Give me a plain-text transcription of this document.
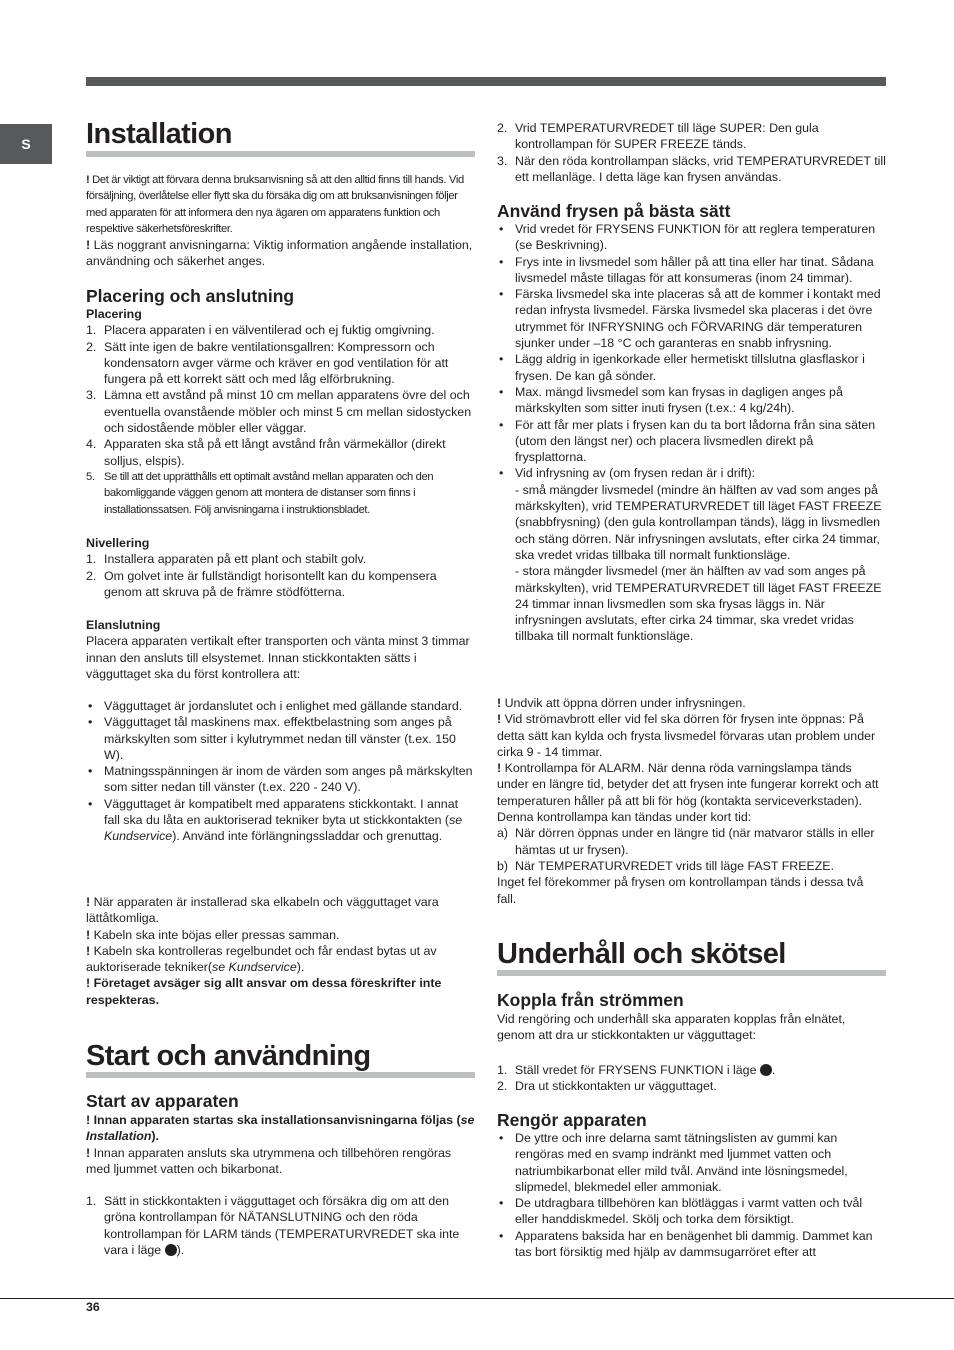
S Installation

! Det är viktigt att förvara denna bruksanvisning så att den alltid finns till hands. Vid försäljning, överlåtelse eller flytt ska du försäka dig om att bruksanvisningen följer med apparaten för att informera den nya ägaren om apparatens funktion och respektive säkerhetsföreskrifter.

! Läs noggrant anvisningarna: Viktig information angående installation, användning och säkerhet anges.

Placering och anslutning

Placering

1. Placera apparaten i en välventilerad och ej fuktig omgivning.
2. Sätt inte igen de bakre ventilationsgallren: Kompressorn och kondensatorn avger värme och kräver en god ventilation för att fungera på ett korrekt sätt och med låg elförbrukning.
3. Lämna ett avstånd på minst 10 cm mellan apparatens övre del och eventuella ovanstående möbler och minst 5 cm mellan sidostycken och sidostående möbler eller väggar.
4. Apparaten ska stå på ett långt avstånd från värmekällor (direkt solljus, elspis).
5. Se till att det upprätthålls ett optimalt avstånd mellan apparaten och den bakomliggande väggen genom att montera de distanser som finns i installationssatsen. Följ anvisningarna i instruktionsbladet.

Nivellering

1. Installera apparaten på ett plant och stabilt golv.
2. Om golvet inte är fullständigt horisontellt kan du kompensera genom att skruva på de främre stödfötterna.

Elanslutning

Placera apparaten vertikalt efter transporten och vänta minst 3 timmar innan den ansluts till elsystemet. Innan stickkontakten sätts i vägguttaget ska du först kontrollera att:

• Vägguttaget är jordanslutet och i enlighet med gällande standard.
• Vägguttaget tål maskinens max. effektbelastning som anges på märkskylten som sitter i kylutrymmet nedan till vänster (t.ex. 150 W).
• Matningsspänningen är inom de värden som anges på märkskylten som sitter nedan till vänster (t.ex. 220 - 240 V).
• Vägguttaget är kompatibelt med apparatens stickkontakt. I annat fall ska du låta en auktoriserad tekniker byta ut stickkontakten (se Kundservice). Använd inte förlängningssladdar och grenuttag.

! När apparaten är installerad ska elkabeln och vägguttaget vara lättåtkomliga.

! Kabeln ska inte böjas eller pressas samman.

! Kabeln ska kontrolleras regelbundet och får endast bytas ut av auktoriserade tekniker(se Kundservice).

! Företaget avsäger sig allt ansvar om dessa föreskrifter inte respekteras.

Start och användning
Start av apparaten

! Innan apparaten startas ska installationsanvisningarna följas (se Installation).

! Innan apparaten ansluts ska utrymmena och tillbehören rengöras med ljummet vatten och bikarbonat.

1. Sätt in stickkontakten i vägguttaget och försäkra dig om att den gröna kontrollampan för NÄTANSLUTNING och den röda kontrollampan för LARM tänds (TEMPERATURVREDET ska inte vara i läge ).
2. Vrid TEMPERATURVREDET till läge SUPER: Den gula kontrollampan för SUPER FREEZE tänds.
3. När den röda kontrollampan släcks, vrid TEMPERATURVREDET till ett mellanläge. I detta läge kan frysen användas.
Använd frysen på bästa sätt
• Vrid vredet för FRYSENS FUNKTION för att reglera temperaturen (se Beskrivning).
• Frys inte in livsmedel som håller på att tina eller har tinat. Sådana livsmedel måste tillagas för att konsumeras (inom 24 timmar).
• Färska livsmedel ska inte placeras så att de kommer i kontakt med redan infrysta livsmedel. Färska livsmedel ska placeras i det övre utrymmet för INFRYSNING och FÖRVARING där temperaturen sjunker under –18 °C och garanteras en snabb infrysning.
• Lägg aldrig in igenkorkade eller hermetiskt tillslutna glasflaskor i frysen. De kan gå sönder.
• Max. mängd livsmedel som kan frysas in dagligen anges på märkskylten som sitter inuti frysen (t.ex.: 4 kg/24h).
• För att får mer plats i frysen kan du ta bort lådorna från sina säten (utom den längst ner) och placera livsmedlen direkt på frysplattorna.
• Vid infrysning av (om frysen redan är i drift):
- små mängder livsmedel (mindre än hälften av vad som anges på märkskylten), vrid TEMPERATURVREDET till läget FAST FREEZE (snabbfrysning) (den gula kontrollampan tänds), lägg in livsmedlen och stäng dörren. När infrysningen avslutats, efter cirka 24 timmar, ska vredet vridas tillbaka till normalt funktionsläge.
- stora mängder livsmedel (mer än hälften av vad som anges på märkskylten), vrid TEMPERATURVREDET till läget FAST FREEZE 24 timmar innan livsmedlen som ska frysas läggs in. När infrysningen avslutats, efter cirka 24 timmar, ska vredet vridas tillbaka till normalt funktionsläge.

! Undvik att öppna dörren under infrysningen.

! Vid strömavbrott eller vid fel ska dörren för frysen inte öppnas: På detta sätt kan kylda och frysta livsmedel förvaras utan problem under cirka 9 - 14 timmar.

! Kontrollampa för ALARM. När denna röda varningslampa tänds under en längre tid, betyder det att frysen inte fungerar korrekt och att temperaturen håller på att bli för hög (kontakta serviceverkstaden).

Denna kontrollampa kan tändas under kort tid:

a) När dörren öppnas under en längre tid (när matvaror ställs in eller hämtas ut ur frysen).
b) När TEMPERATURVREDET vrids till läge FAST FREEZE.

Inget fel förekommer på frysen om kontrollampan tänds i dessa två fall.

Underhåll och skötsel
Koppla från strömmen

Vid rengöring och underhåll ska apparaten kopplas från elnätet, genom att dra ur stickkontakten ur vägguttaget:

1. Ställ vredet för FRYSENS FUNKTION i läge .
2. Dra ut stickkontakten ur vägguttaget.
Rengör apparaten
• De yttre och inre delarna samt tätningslisten av gummi kan rengöras med en svamp indränkt med ljummet vatten och natriumbikarbonat eller mild tvål. Använd inte lösningsmedel, slipmedel, blekmedel eller ammoniak.
• De utdragbara tillbehören kan blötläggas i varmt vatten och tvål eller handdiskmedel. Skölj och torka dem försiktigt.
• Apparatens baksida har en benägenhet bli dammig. Dammet kan tas bort försiktig med hjälp av dammsugarröret efter att
36
